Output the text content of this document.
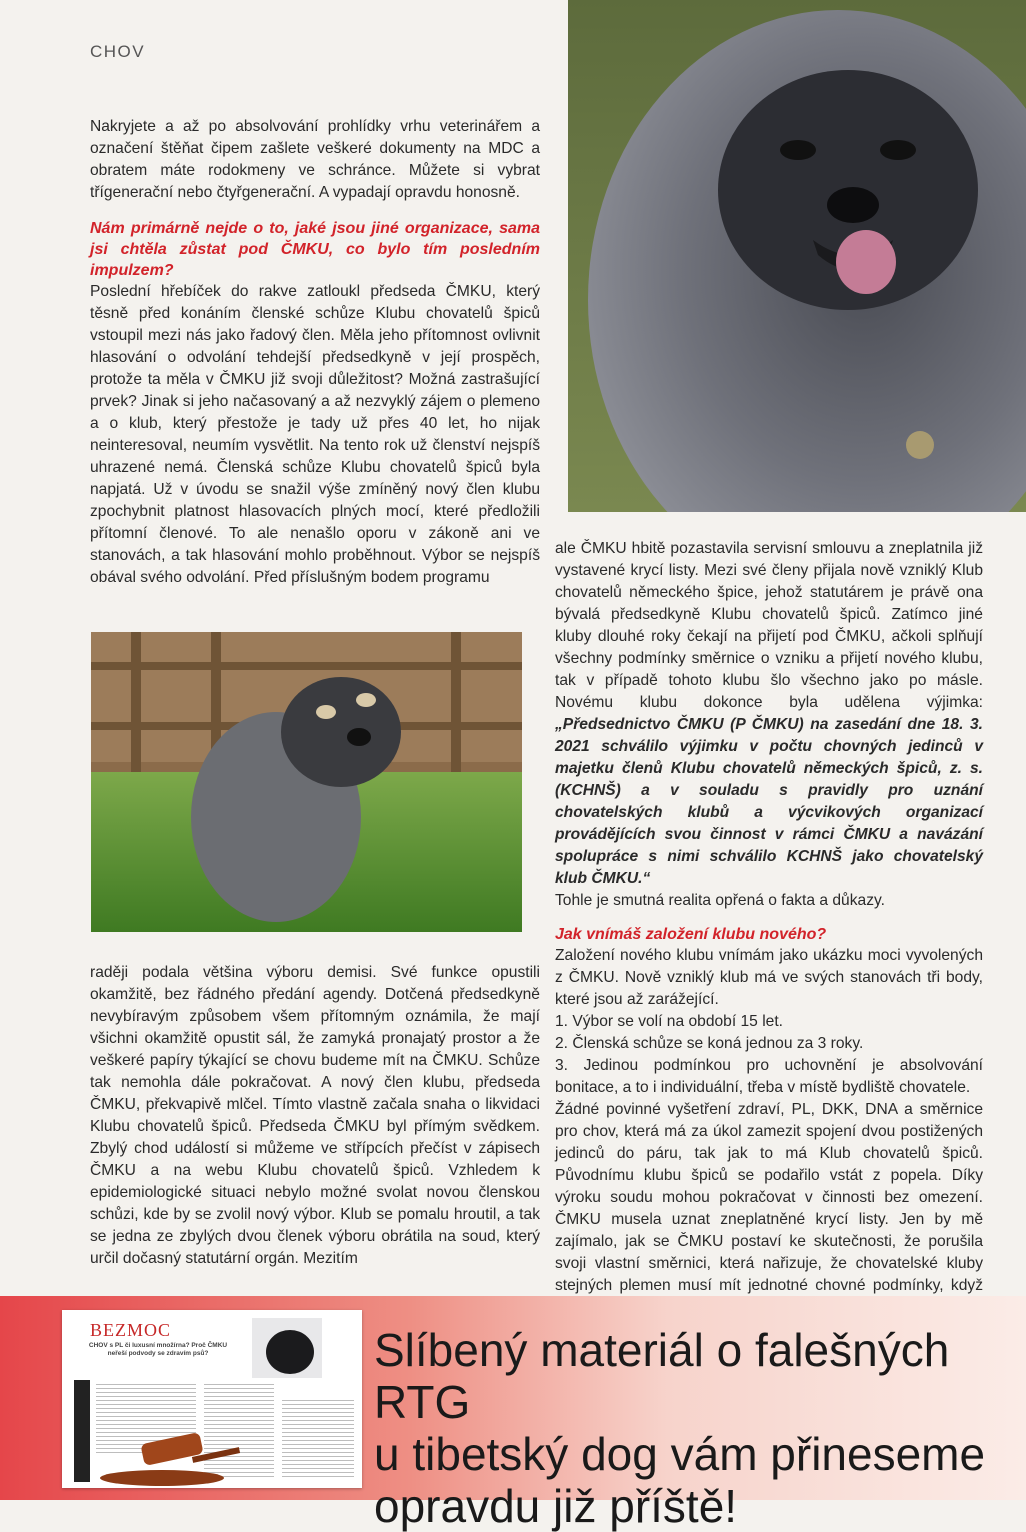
CHOV

Nakryjete a až po absolvování prohlídky vrhu veterinářem a označení štěňat čipem zašlete veškeré dokumenty na MDC a obratem máte rodokmeny ve schránce. Můžete si vybrat třígenerační nebo čtyřgenerační. A vypadají opravdu honosně.

Nám primárně nejde o to, jaké jsou jiné organizace, sama jsi chtěla zůstat pod ČMKU, co bylo tím posledním impulzem?

Poslední hřebíček do rakve zatloukl předseda ČMKU, který těsně před konáním členské schůze Klubu chovatelů špiců vstoupil mezi nás jako řadový člen. Měla jeho přítomnost ovlivnit hlasování o odvolání tehdejší předsedkyně v její prospěch, protože ta měla v ČMKU již svoji důležitost? Možná zastrašující prvek? Jinak si jeho načasovaný a až nezvyklý zájem o plemeno a o klub, který přestože je tady už přes 40 let, ho nijak neinteresoval, neumím vysvětlit. Na tento rok už členství nejspíš uhrazené nemá. Členská schůze Klubu chovatelů špiců byla napjatá. Už v úvodu se snažil výše zmíněný nový člen klubu zpochybnit platnost hlasovacích plných mocí, které předložili přítomní členové. To ale nenašlo oporu v zákoně ani ve stanovách, a tak hlasování mohlo proběhnout. Výbor se nejspíš obával svého odvolání. Před příslušným bodem programu

raději podala většina výboru demisi. Své funkce opustili okamžitě, bez řádného předání agendy. Dotčená předsedkyně nevybíravým způsobem všem přítomným oznámila, že mají všichni okamžitě opustit sál, že zamyká pronajatý prostor a že veškeré papíry týkající se chovu budeme mít na ČMKU. Schůze tak nemohla dále pokračovat. A nový člen klubu, předseda ČMKU, překvapivě mlčel. Tímto vlastně začala snaha o likvidaci Klubu chovatelů špiců. Předseda ČMKU byl přímým svědkem. Zbylý chod událostí si můžeme ve střípcích přečíst v zápisech ČMKU a na webu Klubu chovatelů špiců. Vzhledem k epidemiologické situaci nebylo možné svolat novou členskou schůzi, kde by se zvolil nový výbor. Klub se pomalu hroutil, a tak se jedna ze zbylých dvou členek výboru obrátila na soud, který určil dočasný statutární orgán. Mezitím

ale ČMKU hbitě pozastavila servisní smlouvu a zneplatnila již vystavené krycí listy. Mezi své členy přijala nově vzniklý Klub chovatelů německého špice, jehož statutárem je právě ona bývalá předsedkyně Klubu chovatelů špiců. Zatímco jiné kluby dlouhé roky čekají na přijetí pod ČMKU, ačkoli splňují všechny podmínky směrnice o vzniku a přijetí nového klubu, tak v případě tohoto klubu šlo všechno jako po másle. Novému klubu dokonce byla udělena výjimka: „Předsednictvo ČMKU (P ČMKU) na zasedání dne 18. 3. 2021 schválilo výjimku v počtu chovných jedinců v majetku členů Klubu chovatelů německých špiců, z. s. (KCHNŠ) a v souladu s pravidly pro uznání chovatelských klubů a výcvikových organizací provádějících svou činnost v rámci ČMKU a navázání spolupráce s nimi schválilo KCHNŠ jako chovatelský klub ČMKU.“

Tohle je smutná realita opřená o fakta a důkazy.

Jak vnímáš založení klubu nového?

Založení nového klubu vnímám jako ukázku moci vyvolených z ČMKU. Nově vzniklý klub má ve svých stanovách tři body, které jsou až zarážející.

1. Výbor se volí na období 15 let.

2. Členská schůze se koná jednou za 3 roky.

3. Jedinou podmínkou pro uchovnění je absolvování bonitace, a to i individuální, třeba v místě bydliště chovatele.

Žádné povinné vyšetření zdraví, PL, DKK, DNA a směrnice pro chov, která má za úkol zamezit spojení dvou postižených jedinců do páru, tak jak to má Klub chovatelů špiců. Původnímu klubu špiců se podařilo vstát z popela. Díky výroku soudu mohou pokračovat v činnosti bez omezení. ČMKU musela uznat zneplatněné krycí listy. Jen by mě zajímalo, jak se ČMKU postaví ke skutečnosti, že porušila svoji vlastní směrnici, která nařizuje, že chovatelské kluby stejných plemen musí mít jednotné chovné podmínky, když

BEZMOC
CHOV s PL či luxusní množírna? Proč ČMKU neřeší podvody se zdravím psů?	Slíbený materiál o falešných RTG
u tibetský dog vám přineseme
opravdu již příště!
